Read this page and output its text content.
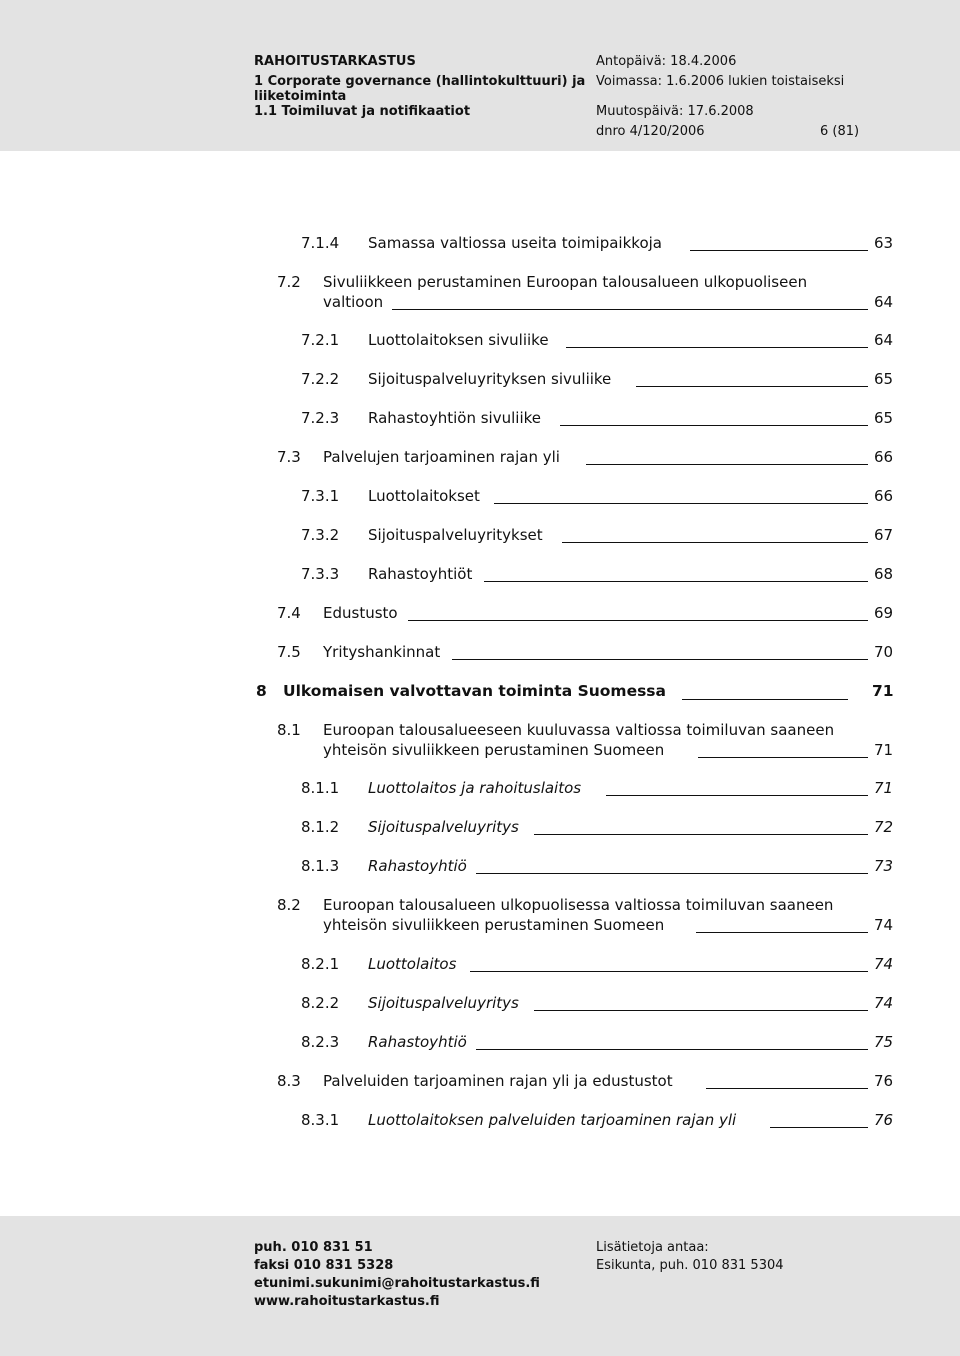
RAHOITUSTARKASTUS
1 Corporate governance (hallintokulttuuri) ja
liiketoiminta
1.1 Toimiluvat ja notifikaatiot
Antopäivä: 18.4.2006
Voimassa: 1.6.2006 lukien toistaiseksi
Muutospäivä: 17.6.2008
dnro 4/120/2006	6 (81)
7.1.4 Samassa valtiossa useita toimipaikkoja	63
7.2 Sivuliikkeen perustaminen Euroopan talousalueen ulkopuoliseen
valtioon	64
7.2.1 Luottolaitoksen sivuliike	64
7.2.2 Sijoituspalveluyrityksen sivuliike	65
7.2.3 Rahastoyhtiön sivuliike	65
7.3 Palvelujen tarjoaminen rajan yli	66
7.3.1 Luottolaitokset	66
7.3.2 Sijoituspalveluyritykset	67
7.3.3 Rahastoyhtiöt	68
7.4 Edustusto	69
7.5 Yrityshankinnat	70
8 Ulkomaisen valvottavan toiminta Suomessa	71
8.1 Euroopan talousalueeseen kuuluvassa valtiossa toimiluvan saaneen
yhteisön sivuliikkeen perustaminen Suomeen	71
8.1.1 Luottolaitos ja rahoituslaitos	71
8.1.2 Sijoituspalveluyritys	72
8.1.3 Rahastoyhtiö	73
8.2 Euroopan talousalueen ulkopuolisessa valtiossa toimiluvan saaneen
yhteisön sivuliikkeen perustaminen Suomeen	74
8.2.1 Luottolaitos	74
8.2.2 Sijoituspalveluyritys	74
8.2.3 Rahastoyhtiö	75
8.3 Palveluiden tarjoaminen rajan yli ja edustustot	76
8.3.1 Luottolaitoksen palveluiden tarjoaminen rajan yli	76
puh. 010 831 51
faksi 010 831 5328
etunimi.sukunimi@rahoitustarkastus.fi
www.rahoitustarkastus.fi
Lisätietoja antaa:
Esikunta, puh. 010 831 5304
